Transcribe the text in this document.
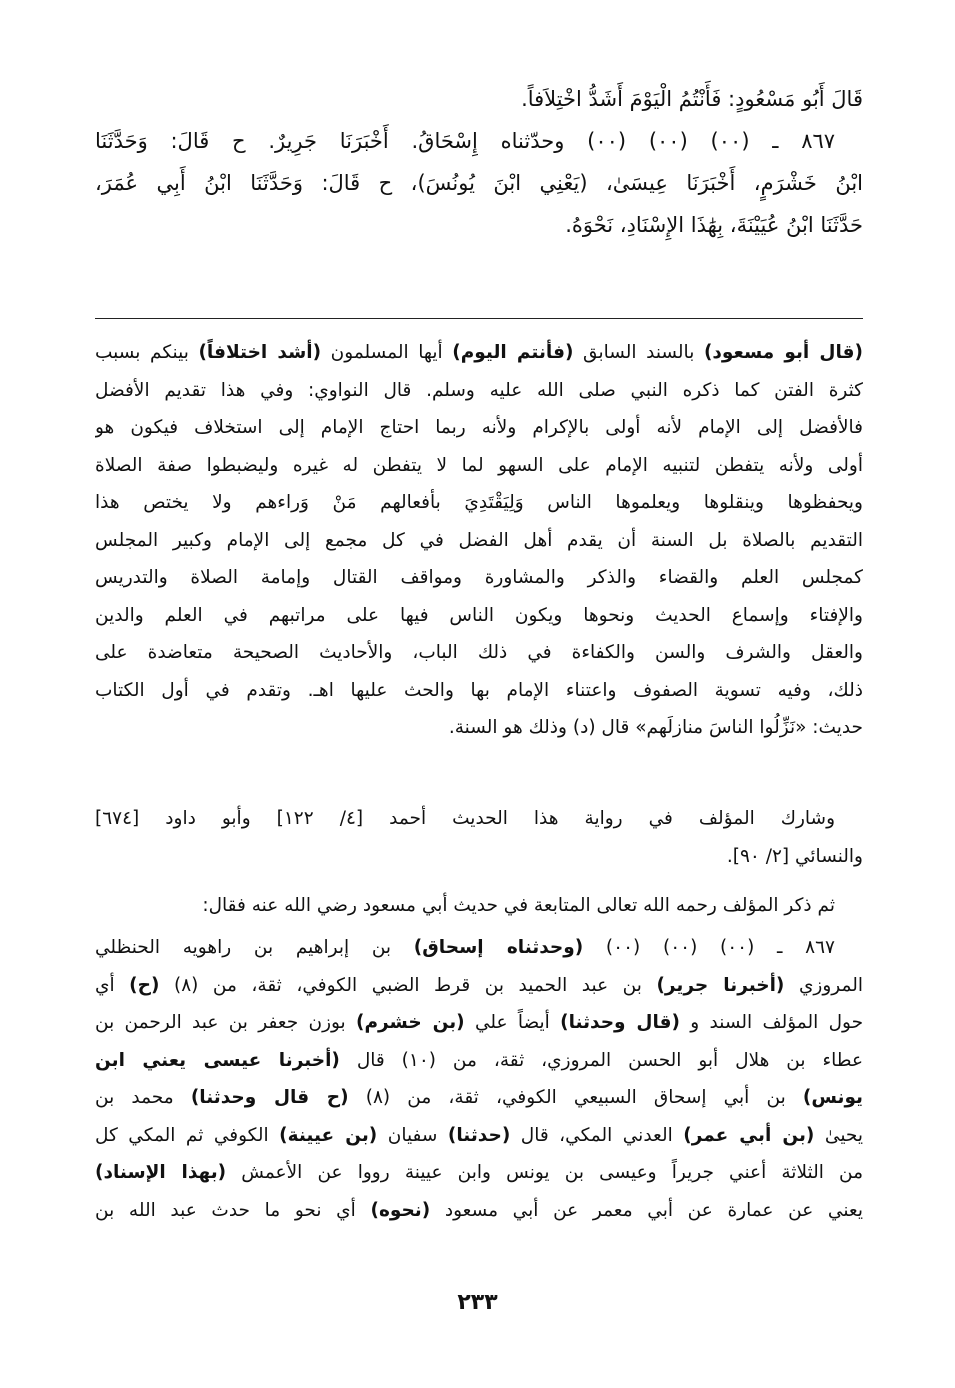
قَالَ أَبُو مَسْعُودٍ: فَأَنْتُمُ الْيَوْمَ أَشَدُّ اخْتِلاَفاً.
٨٦٧ ـ (٠٠) (٠٠) (٠٠) وحدّثناه إِسْحَاقُ. أَخْبَرَنَا جَرِيرٌ. ح قَالَ: وَحَدَّثَنَا
ابْنُ خَشْرَمٍ، أَخْبَرَنَا عِيسَىٰ، (يَعْنِي ابْنَ يُونُسَ)، ح قَالَ: وَحَدَّثَنَا ابْنُ أَبِي عُمَرَ،
حَدَّثَنَا ابْنُ عُيَيْنَةَ، بِهَٰذَا الإِسْنَادِ، نَحْوَهُ.
(قال أبو مسعود) بالسند السابق (فأنتم اليوم) أيها المسلمون (أشد اختلافاً) بينكم بسبب
كثرة الفتن كما ذكره النبي صلى الله عليه وسلم. قال النواوي: وفي هذا تقديم الأفضل
فالأفضل إلى الإمام لأنه أولى بالإكرام ولأنه ربما احتاج الإمام إلى استخلاف فيكون هو
أولى ولأنه يتفطن لتنبيه الإمام على السهو لما لا يتفطن له غيره وليضبطوا صفة الصلاة
ويحفظوها وينقلوها ويعلموها الناس وَلِيَقْتَدِيَ بأفعالهم مَنْ وَراءهم ولا يختص هذا
التقديم بالصلاة بل السنة أن يقدم أهل الفضل في كل مجمع إلى الإمام وكبير المجلس
كمجلس العلم والقضاء والذكر والمشاورة ومواقف القتال وإمامة الصلاة والتدريس
والإفتاء وإسماع الحديث ونحوها ويكون الناس فيها على مراتبهم في العلم والدين
والعقل والشرف والسن والكفاءة في ذلك الباب، والأحاديث الصحيحة متعاضدة على
ذلك، وفيه تسوية الصفوف واعتناء الإمام بها والحث عليها اهـ. وتقدم في أول الكتاب
حديث: «نَزِّلُوا الناسَ منازلَهم» قال (د) وذلك هو السنة.
وشارك المؤلف في رواية هذا الحديث أحمد [٤/ ١٢٢] وأبو داود [٦٧٤]
والنسائي [٢/ ٩٠].
ثم ذكر المؤلف رحمه الله تعالى المتابعة في حديث أبي مسعود رضي الله عنه فقال:
٨٦٧ ـ (٠٠) (٠٠) (٠٠) (وحدثناه إسحاق) بن إبراهيم بن راهويه الحنظلي
المروزي (أخبرنا جرير) بن عبد الحميد بن قرط الضبي الكوفي، ثقة، من (٨) (ح) أي
حول المؤلف السند و (قال وحدثنا) أيضاً علي (بن خشرم) بوزن جعفر بن عبد الرحمن بن
عطاء بن هلال أبو الحسن المروزي، ثقة، من (١٠) قال (أخبرنا عيسى يعني ابن
يونس) بن أبي إسحاق السبيعي الكوفي، ثقة، من (٨) (ح قال وحدثنا) محمد بن
يحيىٰ (بن أبي عمر) العدني المكي، قال (حدثنا) سفيان (بن عيينة) الكوفي ثم المكي كل
من الثلاثة أعني جريراً وعيسى بن يونس وابن عيينة رووا عن الأعمش (بهذا الإسناد)
يعني عن عمارة عن أبي معمر عن أبي مسعود (نحوه) أي نحو ما حدث عبد الله بن
٢٣٣
